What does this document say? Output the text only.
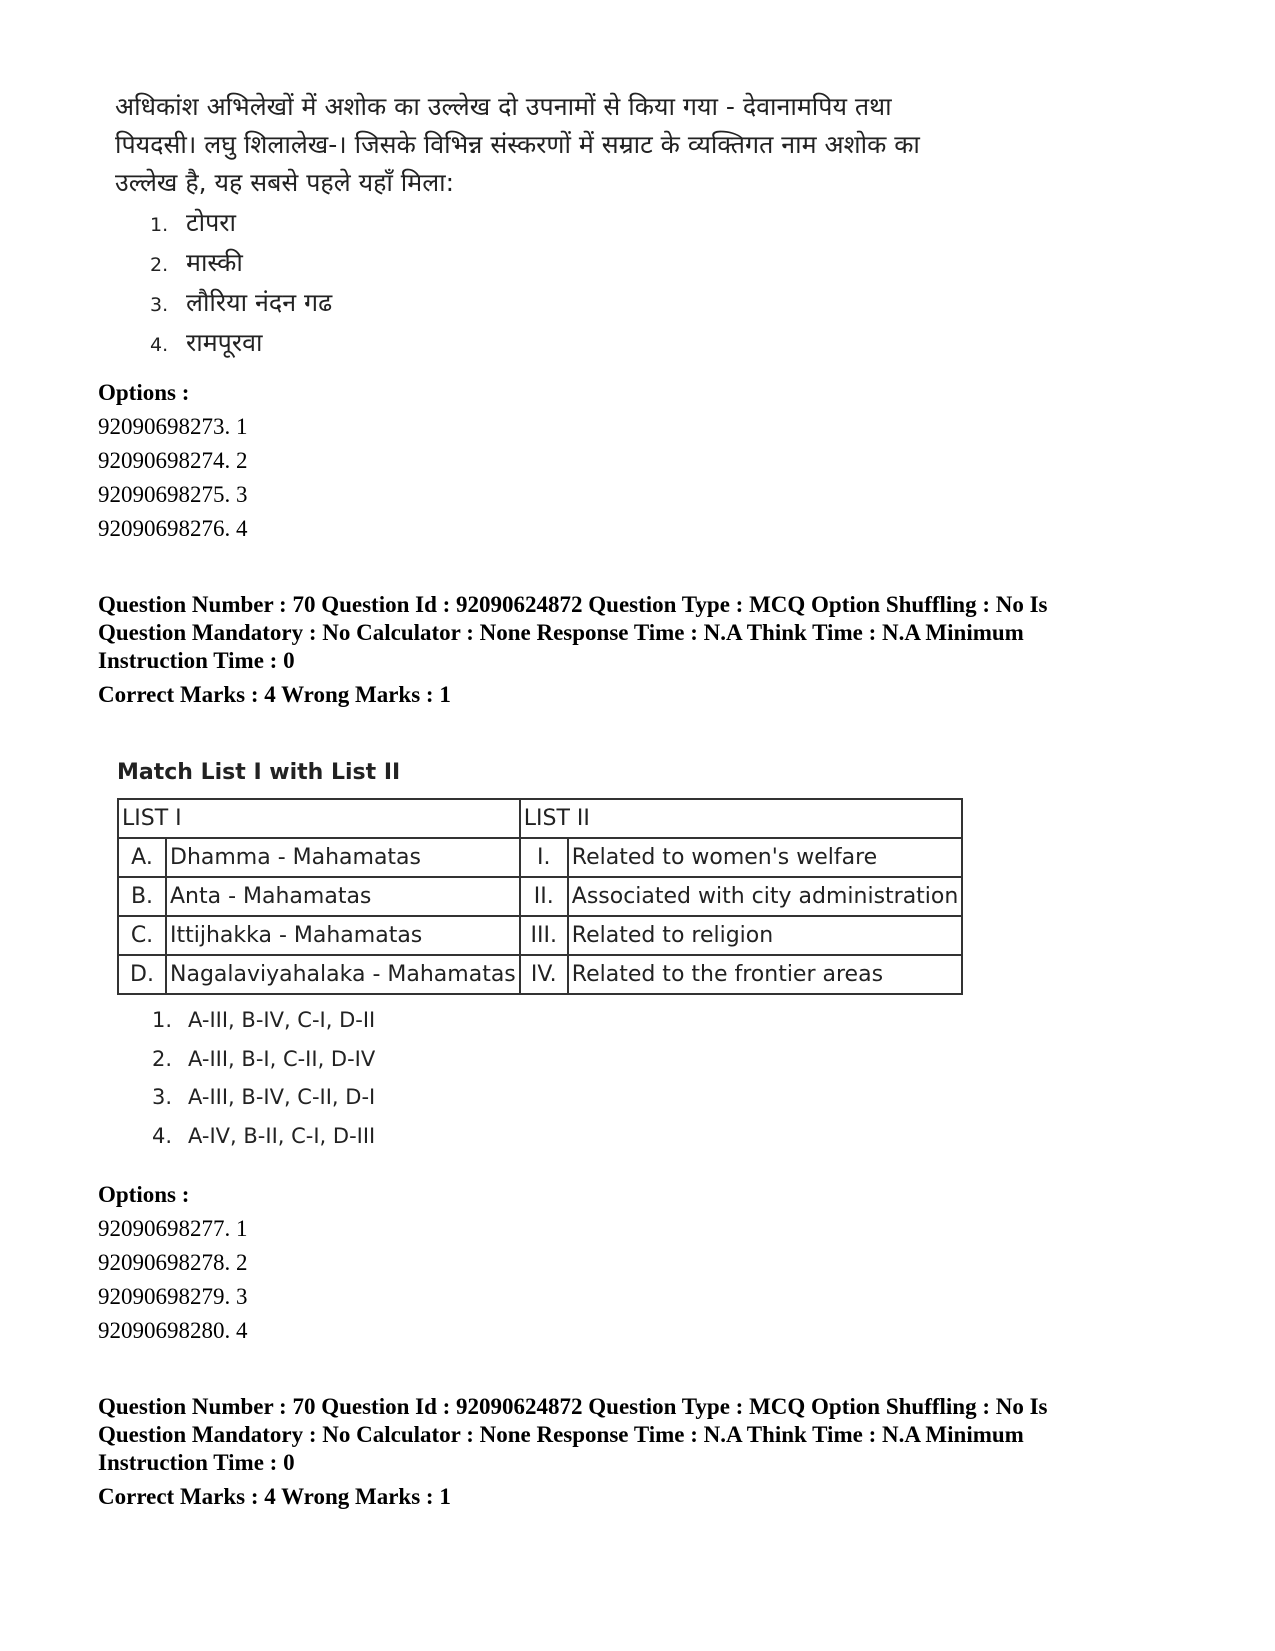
अधिकांश अभिलेखों में अशोक का उल्लेख दो उपनामों से किया गया - देवानामपिय तथा

पियदसी। लघु शिलालेख-। जिसके विभिन्न संस्करणों में सम्राट के व्यक्तिगत नाम अशोक का

उल्लेख है, यह सबसे पहले यहाँ मिला:

1. टोपरा
2. मास्की
3. लौरिया नंदन गढ
4. रामपूरवा
Options :
92090698273. 1
92090698274. 2
92090698275. 3
92090698276. 4
Question Number : 70 Question Id : 92090624872 Question Type : MCQ Option Shuffling : No Is
Question Mandatory : No Calculator : None Response Time : N.A Think Time : N.A Minimum
Instruction Time : 0
Correct Marks : 4 Wrong Marks : 1
Match List I with List II
LIST I		LIST II	
A.	Dhamma - Mahamatas	I.	Related to women's welfare
B.	Anta - Mahamatas	II.	Associated with city administration
C.	Ittijhakka - Mahamatas	III.	Related to religion
D.	Nagalaviyahalaka - Mahamatas	IV.	Related to the frontier areas
1. A-III, B-IV, C-I, D-II
2. A-III, B-I, C-II, D-IV
3. A-III, B-IV, C-II, D-I
4. A-IV, B-II, C-I, D-III
Options :
92090698277. 1
92090698278. 2
92090698279. 3
92090698280. 4
Question Number : 70 Question Id : 92090624872 Question Type : MCQ Option Shuffling : No Is
Question Mandatory : No Calculator : None Response Time : N.A Think Time : N.A Minimum
Instruction Time : 0
Correct Marks : 4 Wrong Marks : 1
